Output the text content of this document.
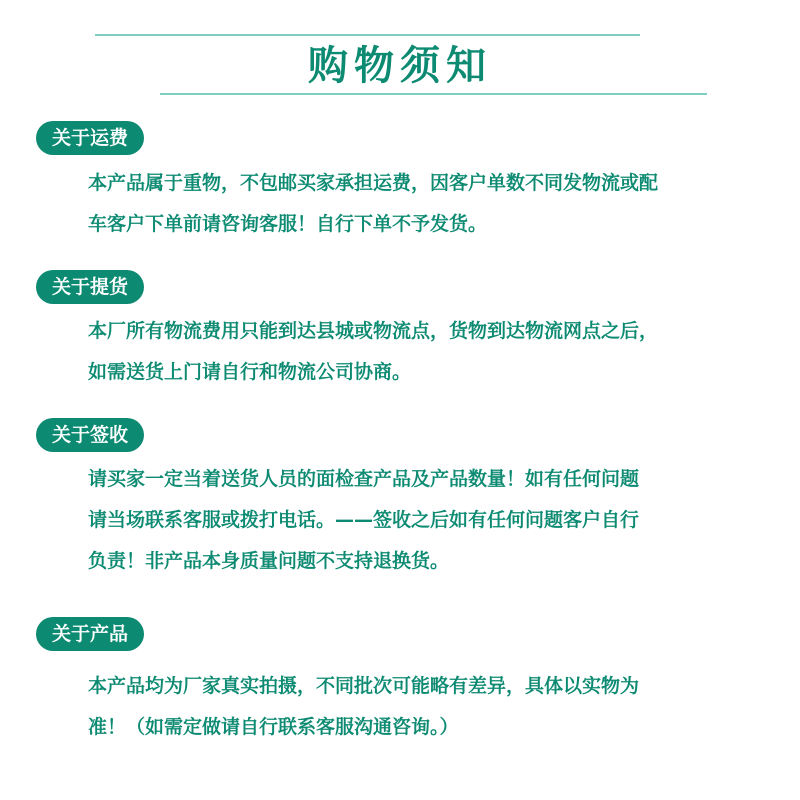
购物须知
关于运费

本产品属于重物，不包邮买家承担运费，因客户单数不同发物流或配
车客户下单前请咨询客服！自行下单不予发货。

关于提货

本厂所有物流费用只能到达县城或物流点，货物到达物流网点之后，
如需送货上门请自行和物流公司协商。

关于签收

请买家一定当着送货人员的面检查产品及产品数量！如有任何问题
请当场联系客服或拨打电话。——签收之后如有任何问题客户自行
负责！非产品本身质量问题不支持退换货。

关于产品

本产品均为厂家真实拍摄，不同批次可能略有差异，具体以实物为
准！（如需定做请自行联系客服沟通咨询。）
